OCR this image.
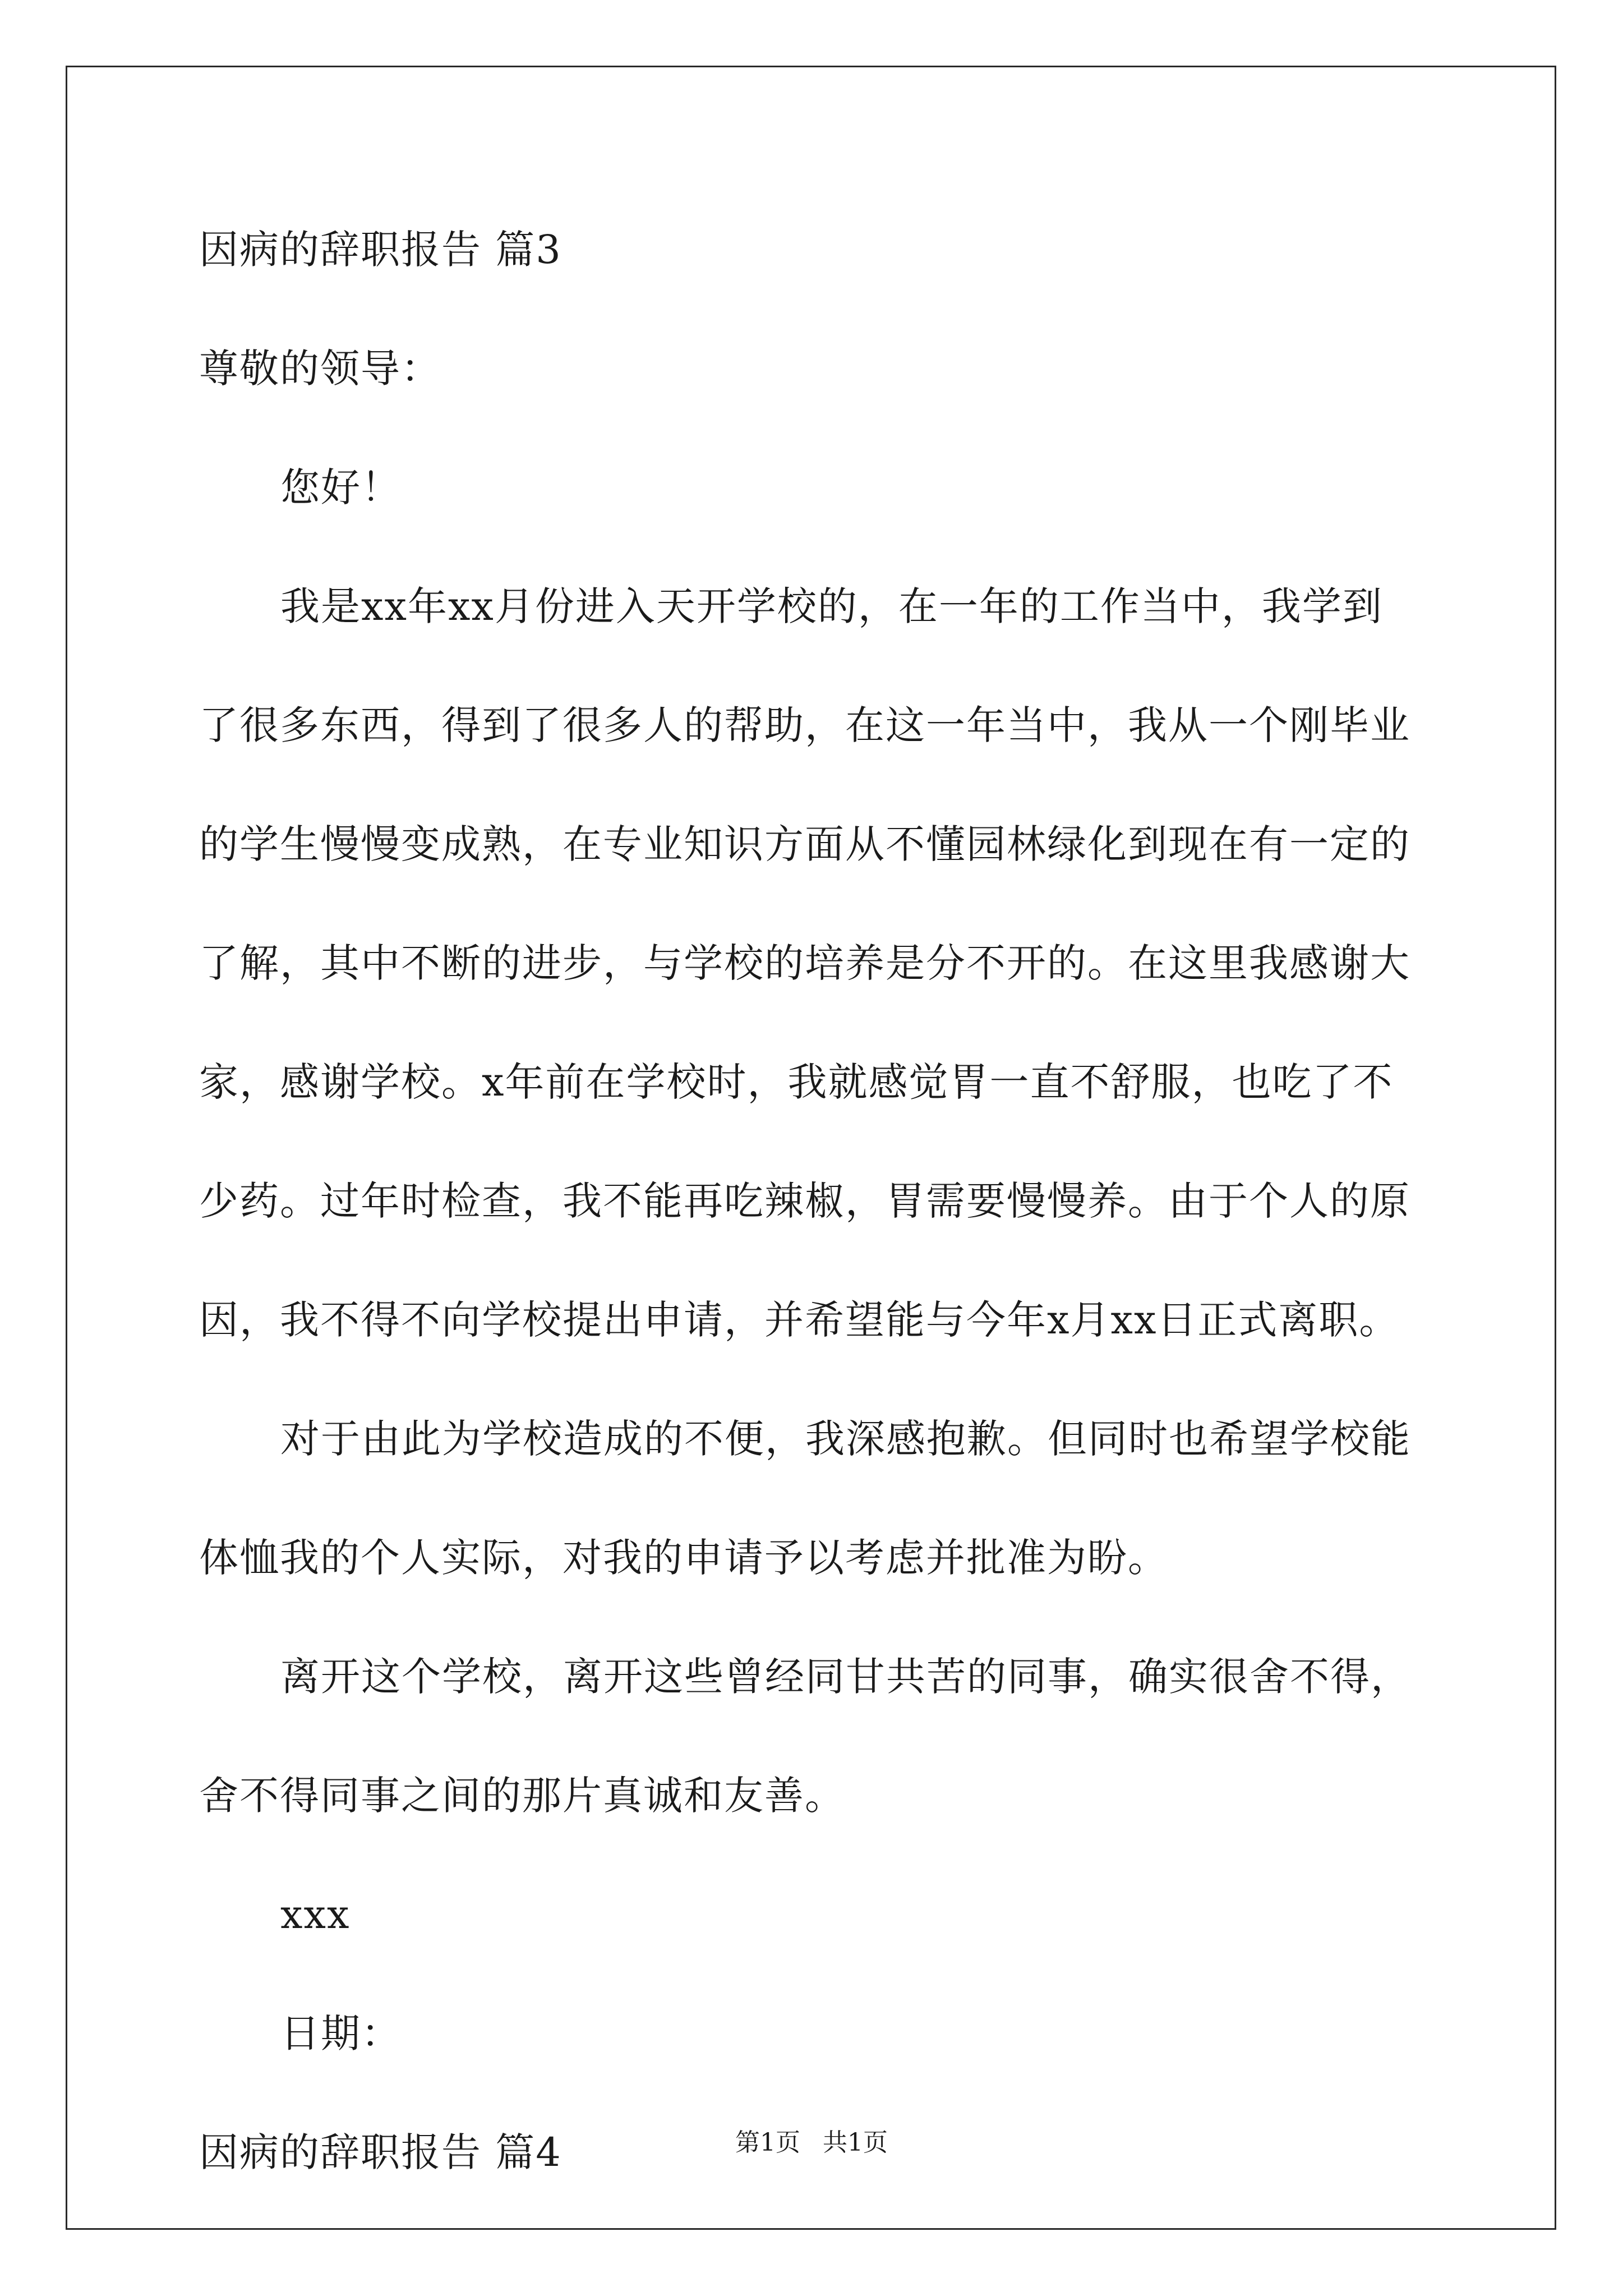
因病的辞职报告 篇3

尊敬的领导：

您好！

我是xx年xx月份进入天开学校的，在一年的工作当中，我学到

了很多东西，得到了很多人的帮助，在这一年当中，我从一个刚毕业

的学生慢慢变成熟，在专业知识方面从不懂园林绿化到现在有一定的

了解，其中不断的进步，与学校的培养是分不开的。在这里我感谢大

家，感谢学校。x年前在学校时，我就感觉胃一直不舒服，也吃了不

少药。过年时检查，我不能再吃辣椒，胃需要慢慢养。由于个人的原

因，我不得不向学校提出申请，并希望能与今年x月xx日正式离职。

对于由此为学校造成的不便，我深感抱歉。但同时也希望学校能

体恤我的个人实际，对我的申请予以考虑并批准为盼。

离开这个学校，离开这些曾经同甘共苦的同事，确实很舍不得，

舍不得同事之间的那片真诚和友善。

xxx

日期：

因病的辞职报告 篇4	第1页 共1页
